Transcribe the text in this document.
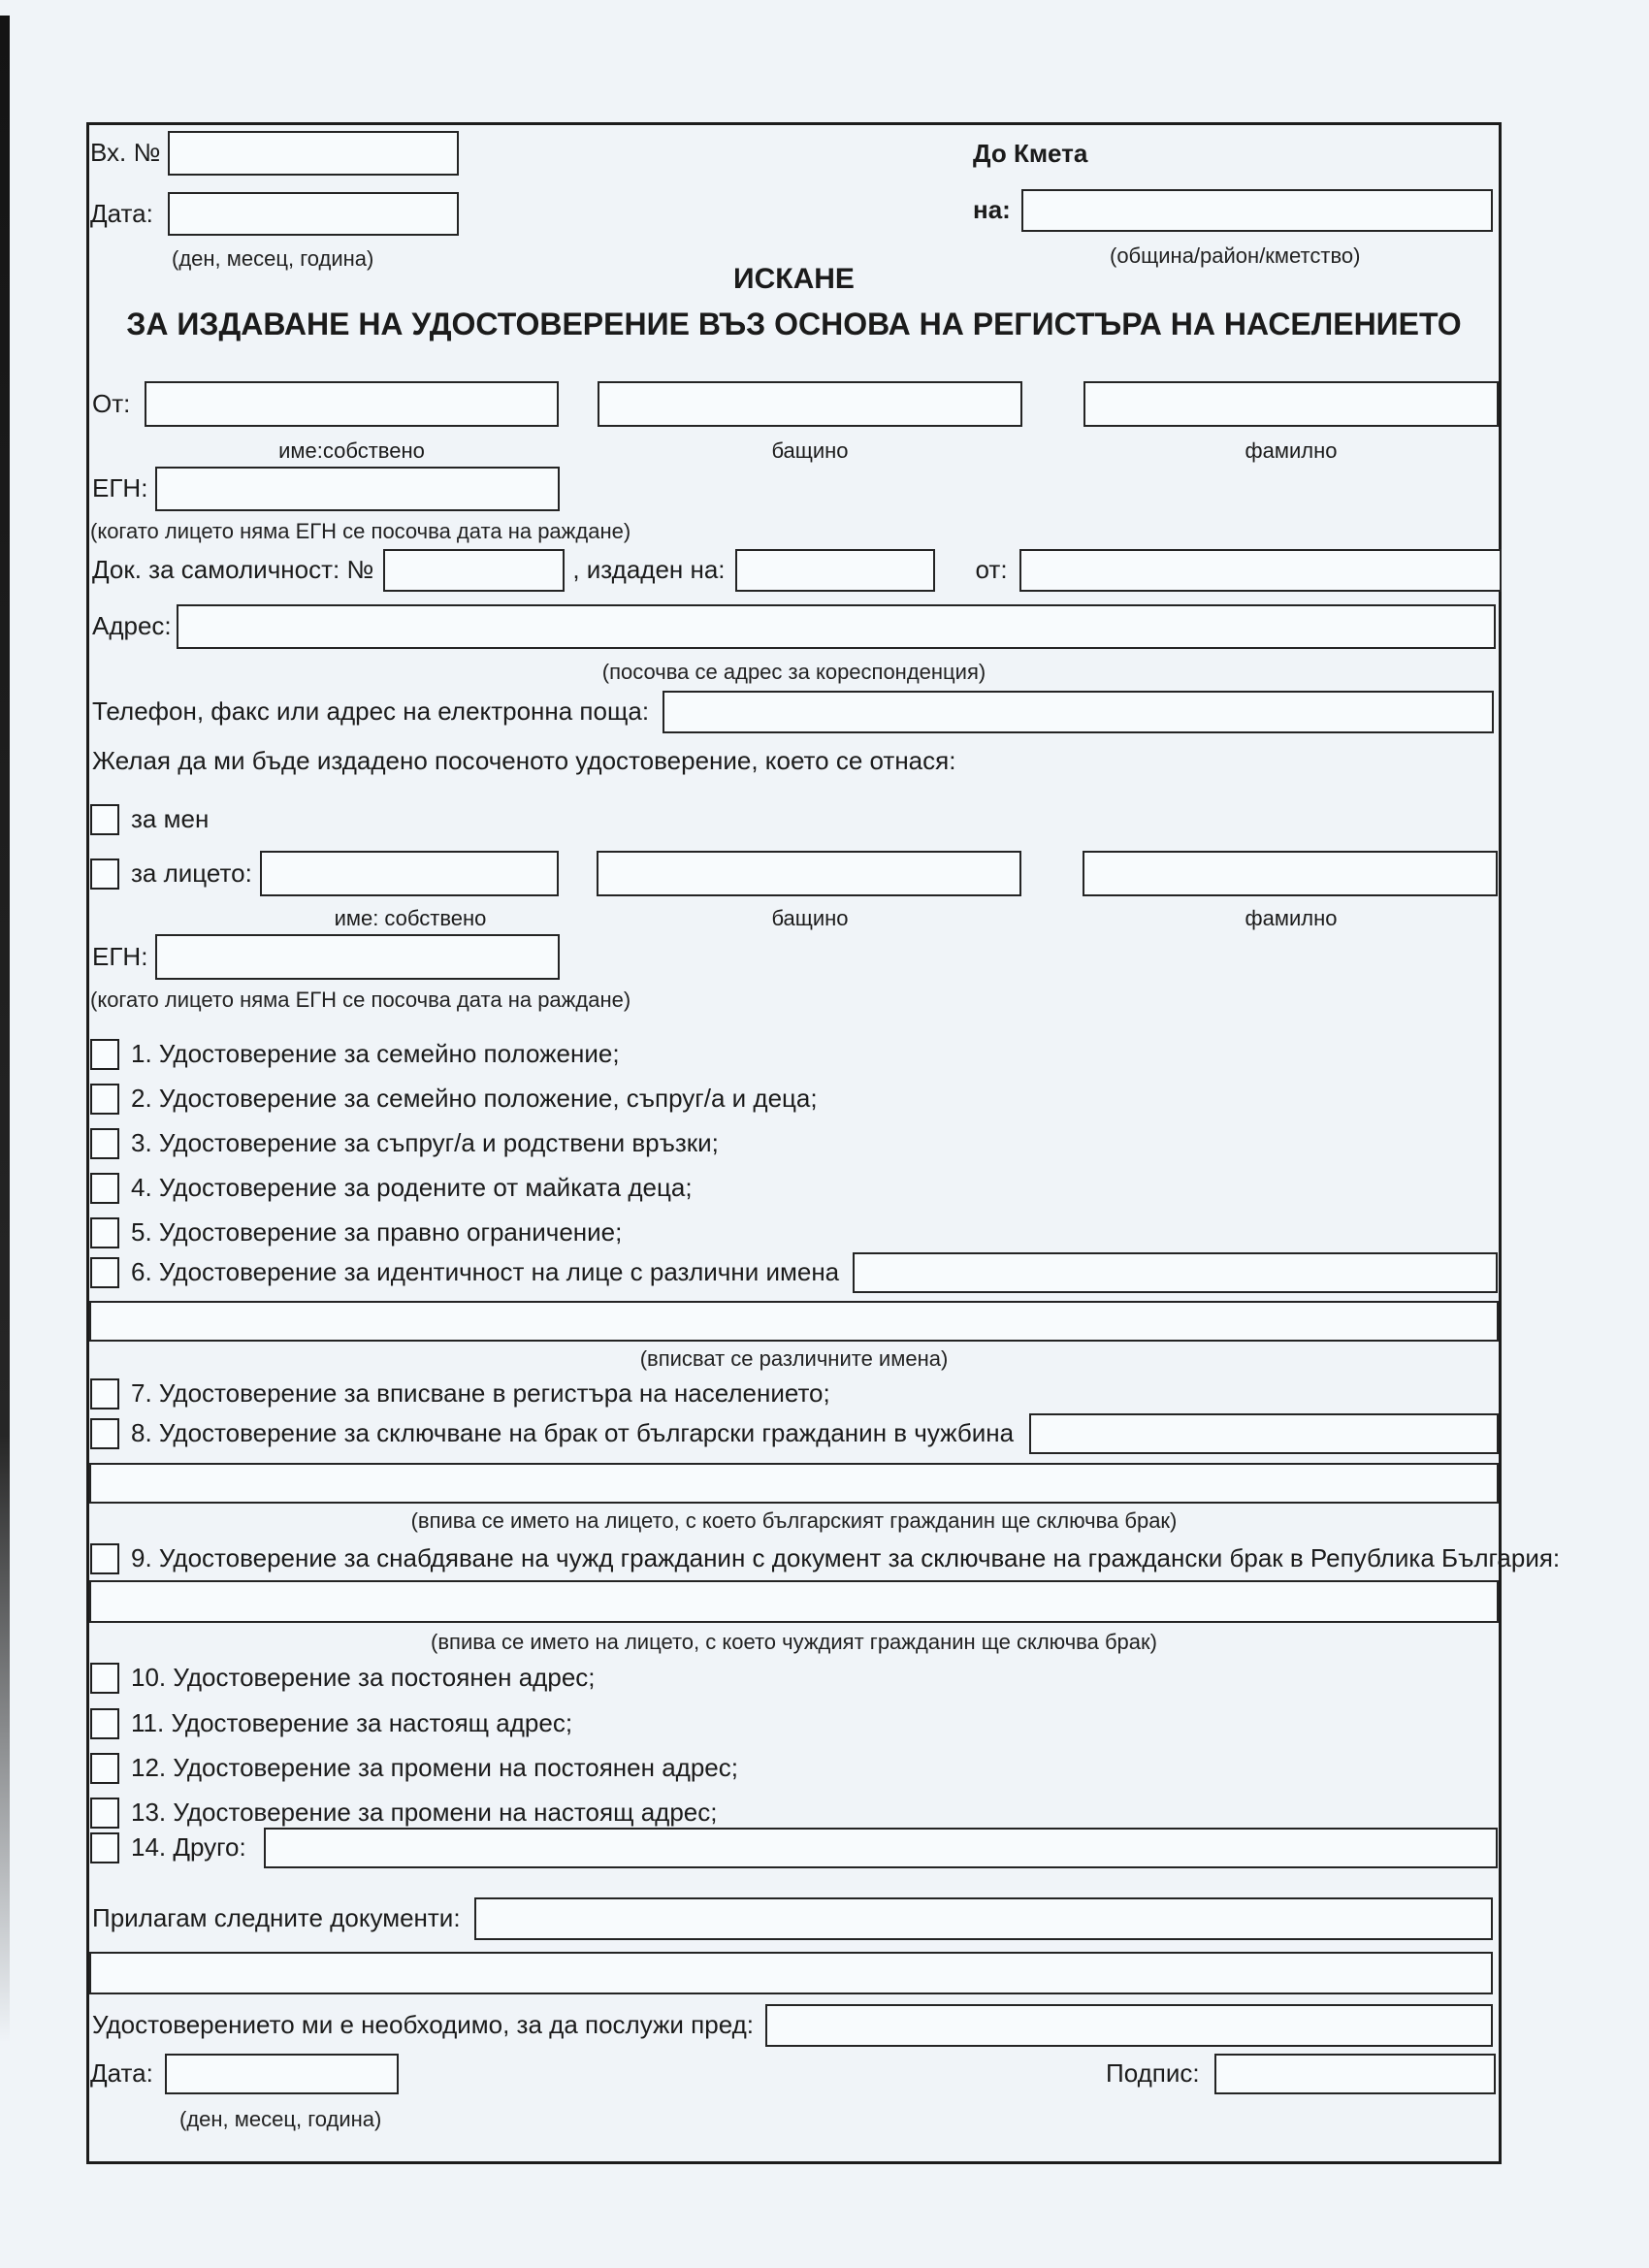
Вх. №
Дата:
(ден, месец, година)
До Кмета
на:
(община/район/кметство)
ИСКАНЕ
ЗА ИЗДАВАНЕ НА УДОСТОВЕРЕНИЕ ВЪЗ ОСНОВА НА РЕГИСТЪРА НА НАСЕЛЕНИЕТО
От:
име:собствено	бащино	фамилно
ЕГН:
(когато лицето няма ЕГН се посочва дата на раждане)
Док. за самоличност: №	, издаден на:	от:
Адрес:
(посочва се адрес за кореспонденция)
Телефон, факс или адрес на електронна поща:
Желая да ми бъде издадено посоченото удостоверение, което се отнася:
за мен
за лицето:
име: собствено	бащино	фамилно
ЕГН:
(когато лицето няма ЕГН се посочва дата на раждане)
1. Удостоверение за семейно положение;
2. Удостоверение за семейно положение, съпруг/а и деца;
3. Удостоверение за съпруг/а и родствени връзки;
4. Удостоверение за родените от майката деца;
5. Удостоверение за правно ограничение;
6. Удостоверение за идентичност на лице с различни имена
(вписват се различните имена)
7. Удостоверение за вписване в регистъра на населението;
8. Удостоверение за сключване на брак от български гражданин в чужбина
(впива се името на лицето, с което българският гражданин ще сключва брак)
9. Удостоверение за снабдяване на чужд гражданин с документ за сключване на граждански брак в Република България:
(впива се името на лицето, с което чуждият гражданин ще сключва брак)
10. Удостоверение за постоянен адрес;
11. Удостоверение за настоящ адрес;
12. Удостоверение за промени на постоянен адрес;
13. Удостоверение за промени на настоящ адрес;
14. Друго:
Прилагам следните документи:
Удостоверението ми е необходимо, за да послужи пред:
Дата:
(ден, месец, година)
Подпис:
